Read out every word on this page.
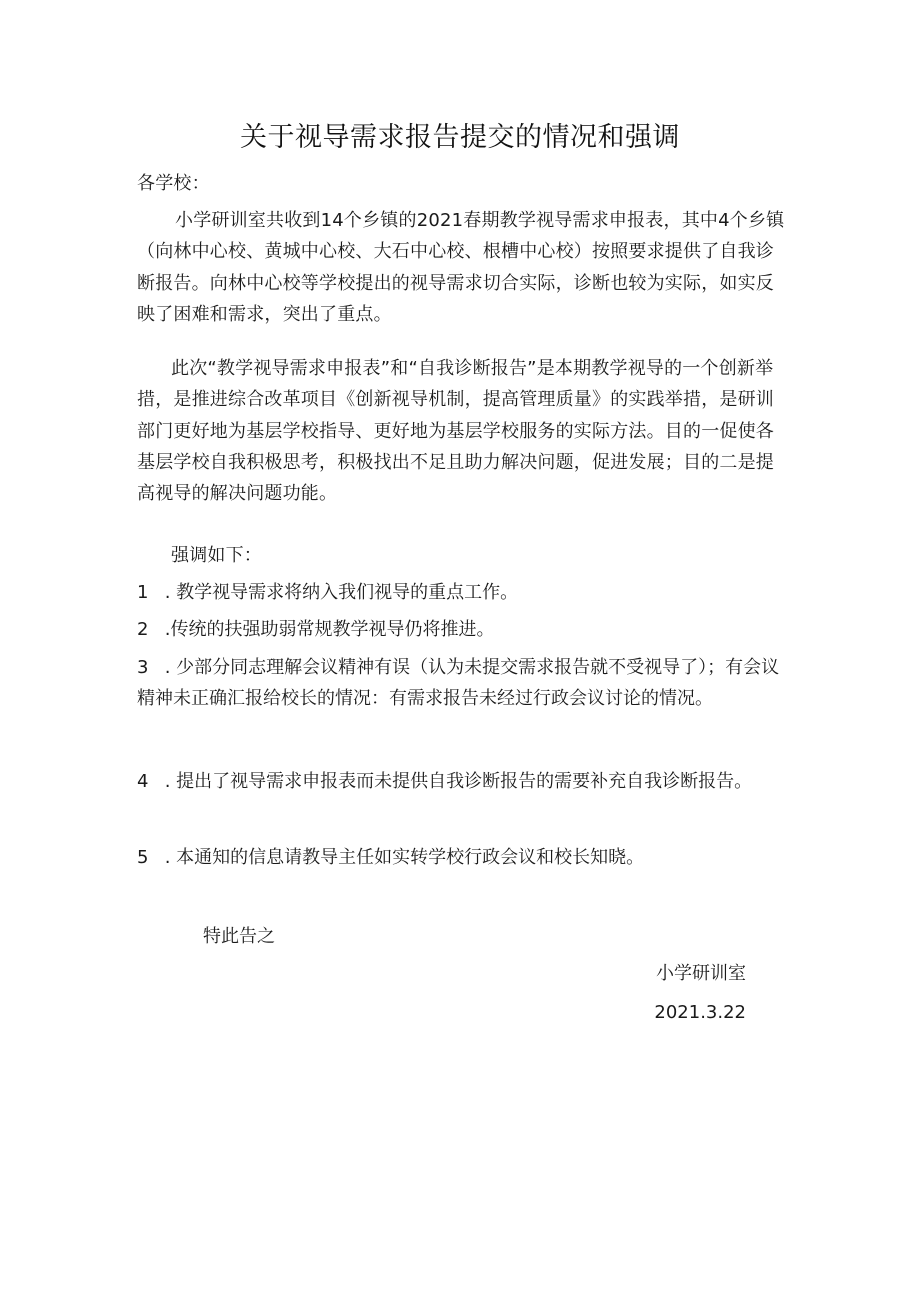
关于视导需求报告提交的情况和强调
各学校：
小学研训室共收到14个乡镇的2021春期教学视导需求申报表，其中4个乡镇（向林中心校、黄城中心校、大石中心校、根槽中心校）按照要求提供了自我诊断报告。向林中心校等学校提出的视导需求切合实际，诊断也较为实际，如实反映了困难和需求，突出了重点。
此次“教学视导需求申报表”和“自我诊断报告”是本期教学视导的一个创新举措，是推进综合改革项目《创新视导机制，提高管理质量》的实践举措，是研训部门更好地为基层学校指导、更好地为基层学校服务的实际方法。目的一促使各基层学校自我积极思考，积极找出不足且助力解决问题，促进发展；目的二是提高视导的解决问题功能。
强调如下：
1 . 教学视导需求将纳入我们视导的重点工作。
2 .传统的扶强助弱常规教学视导仍将推进。
3 . 少部分同志理解会议精神有误（认为未提交需求报告就不受视导了）；有会议精神未正确汇报给校长的情况：有需求报告未经过行政会议讨论的情况。
4 . 提出了视导需求申报表而未提供自我诊断报告的需要补充自我诊断报告。
5 . 本通知的信息请教导主任如实转学校行政会议和校长知晓。
特此告之
小学研训室
2021.3.22
